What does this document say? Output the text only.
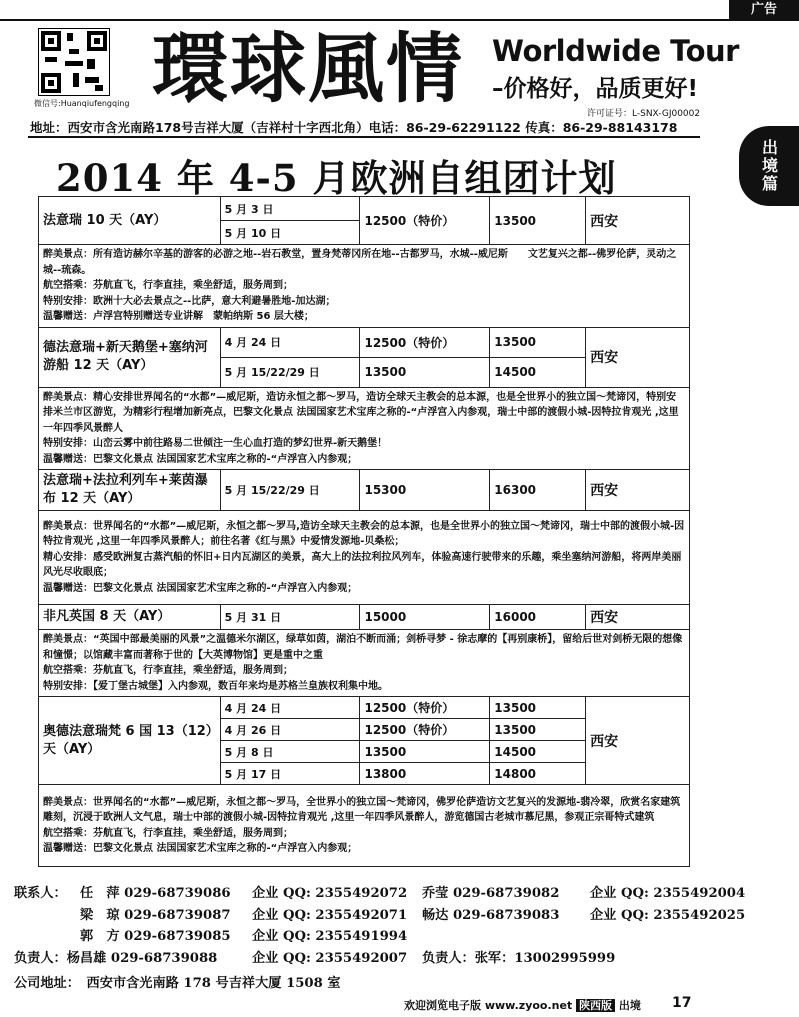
广告
出境篇
微信号:Huanqiufengqing 環球風情 Worldwide Tour
–价格好，品质更好!
许可证号：L-SNX-GJ00002
地址：西安市含光南路178号吉祥大厦（吉祥村十字西北角）电话：86-29-62291122 传真：86-29-88143178
2014 年 4-5 月欧洲自组团计划
法意瑞 10 天（AY）	5 月 3 日	12500（特价）	13500	西安
	5 月 10 日			

醉美景点：所有造访赫尔辛基的游客的必游之地--岩石教堂，置身梵蒂冈所在地--古都罗马，水城--威尼斯　　文艺复兴之都--佛罗伦萨，灵动之城--琉森。

航空搭乘：芬航直飞，行李直挂，乘坐舒适，服务周到；

特别安排：欧洲十大必去景点之--比萨，意大利避暑胜地-加达湖；

温馨赠送：卢浮宫特别赠送专业讲解　蒙帕纳斯 56 层大楼；				

德法意瑞+新天鹅堡+塞纳河游船 12 天（AY）	4 月 24 日	12500（特价）	13500	西安
	5 月 15/22/29 日	13500	14500	

醉美景点：精心安排世界闻名的“水都”—威尼斯，造访永恒之都～罗马，造访全球天主教会的总本源，也是全世界小的独立国～梵谛冈，特别安排米兰市区游览，为精彩行程增加新亮点，巴黎文化景点 法国国家艺术宝库之称的-“卢浮宫入内参观，瑞士中部的渡假小城-因特拉肯观光 ,这里一年四季风景醉人

特别安排：山峦云雾中前往路易二世倾注一生心血打造的梦幻世界-新天鹅堡！

温馨赠送：巴黎文化景点 法国国家艺术宝库之称的-“卢浮宫入内参观；				

法意瑞+法拉利列车+莱茵瀑布 12 天（AY）	5 月 15/22/29 日	15300	16300	西安

醉美景点：世界闻名的“水都”—威尼斯，永恒之都～罗马,造访全球天主教会的总本源，也是全世界小的独立国～梵谛冈，瑞士中部的渡假小城-因特拉肯观光 ,这里一年四季风景醉人；前往名著《红与黑》中爱情发源地-贝桑松；

精心安排：感受欧洲复古蒸汽船的怀旧+日内瓦湖区的美景，高大上的法拉利拉风列车，体验高速行驶带来的乐趣，乘坐塞纳河游船，将两岸美丽风光尽收眼底；

温馨赠送：巴黎文化景点 法国国家艺术宝库之称的-“卢浮宫入内参观；				

非凡英国 8 天（AY）	5 月 31 日	15000	16000	西安

醉美景点：“英国中部最美丽的风景”之温德米尔湖区，绿草如茵，湖泊不断而涌；剑桥寻梦 - 徐志摩的【再别康桥】，留给后世对剑桥无限的想像和憧憬；以馆藏丰富而著称于世的【大英博物馆】更是重中之重

航空搭乘：芬航直飞，行李直挂，乘坐舒适，服务周到；

特别安排：【爱丁堡古城堡】入内参观，数百年来均是苏格兰皇族权利集中地。				

奥德法意瑞梵 6 国 13（12）天（AY）	4 月 24 日	12500（特价）	13500	西安
	4 月 26 日	12500（特价）	13500	
	5 月 8 日	13500	14500	
	5 月 17 日	13800	14800	

醉美景点：世界闻名的“水都”—威尼斯，永恒之都～罗马，全世界小的独立国～梵谛冈，佛罗伦萨造访文艺复兴的发源地-翡冷翠，欣赏名家建筑雕刻，沉浸于欧洲人文气息，瑞士中部的渡假小城-因特拉肯观光 ,这里一年四季风景醉人，游览德国古老城市慕尼黑，参观正宗哥特式建筑

航空搭乘：芬航直飞，行李直挂，乘坐舒适，服务周到；

温馨赠送：巴黎文化景点 法国国家艺术宝库之称的-“卢浮宫入内参观；				

联系人：	任　萍 029-68739086	企业 QQ: 2355492072	乔莹 029-68739082	企业 QQ: 2355492004
梁　琼 029-68739087	企业 QQ: 2355492071	畅达 029-68739083	企业 QQ: 2355492025
郭　方 029-68739085	企业 QQ: 2355491994
负责人：杨昌雄 029-68739088	企业 QQ: 2355492007	负责人：张军：13002995999
公司地址：　西安市含光南路 178 号吉祥大厦 1508 室
欢迎浏览电子版 www.zyoo.net 陕西版 出境 17
